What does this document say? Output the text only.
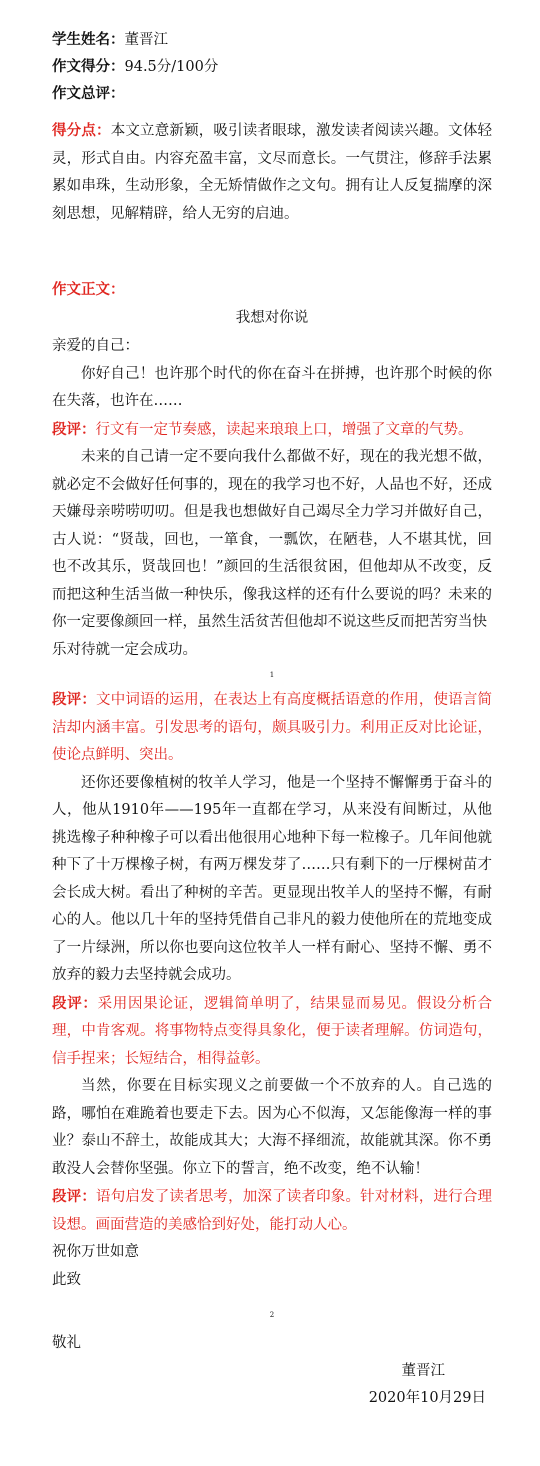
学生姓名：董晋江
作文得分：94.5分/100分
作文总评：

得分点：本文立意新颖，吸引读者眼球，激发读者阅读兴趣。文体轻灵，形式自由。内容充盈丰富，文尽而意长。一气贯注，修辞手法累累如串珠，生动形象，全无矫情做作之文句。拥有让人反复揣摩的深刻思想，见解精辟，给人无穷的启迪。

作文正文：
我想对你说

亲爱的自己：

你好自己！也许那个时代的你在奋斗在拼搏，也许那个时候的你在失落，也许在……

段评：行文有一定节奏感，读起来琅琅上口，增强了文章的气势。

未来的自己请一定不要向我什么都做不好，现在的我光想不做，就必定不会做好任何事的，现在的我学习也不好，人品也不好，还成天嫌母亲唠唠叨叨。但是我也想做好自己竭尽全力学习并做好自己，古人说：“贤哉，回也，一箪食，一瓢饮，在陋巷，人不堪其忧，回也不改其乐，贤哉回也！”颜回的生活很贫困，但他却从不改变，反而把这种生活当做一种快乐，像我这样的还有什么要说的吗？未来的你一定要像颜回一样，虽然生活贫苦但他却不说这些反而把苦穷当快

乐对待就一定会成功。

1

段评：文中词语的运用，在表达上有高度概括语意的作用，使语言简洁却内涵丰富。引发思考的语句，颇具吸引力。利用正反对比论证，使论点鲜明、突出。

还你还要像植树的牧羊人学习，他是一个坚持不懈懈勇于奋斗的人，他从1910年——195年一直都在学习，从来没有间断过，从他挑选橡子种种橡子可以看出他很用心地种下每一粒橡子。几年间他就种下了十万棵橡子树，有两万棵发芽了……只有剩下的一厅棵树苗才会长成大树。看出了种树的辛苦。更显现出牧羊人的坚持不懈，有耐心的人。他以几十年的坚持凭借自己非凡的毅力使他所在的荒地变成了一片绿洲，所以你也要向这位牧羊人一样有耐心、坚持不懈、勇不放弃的毅力去坚持就会成功。

段评：采用因果论证，逻辑简单明了，结果显而易见。假设分析合理，中肯客观。将事物特点变得具象化，便于读者理解。仿词造句，信手捏来；长短结合，相得益彰。

当然，你要在目标实现义之前要做一个不放弃的人。自己选的路，哪怕在难跪着也要走下去。因为心不似海，又怎能像海一样的事业？泰山不辞土，故能成其大；大海不择细流，故能就其深。你不勇敢没人会替你坚强。你立下的誓言，绝不改变，绝不认输！

段评：语句启发了读者思考，加深了读者印象。针对材料，进行合理设想。画面营造的美感恰到好处，能打动人心。

祝你万世如意

此致

2

敬礼

董晋江
2020年10月29日
